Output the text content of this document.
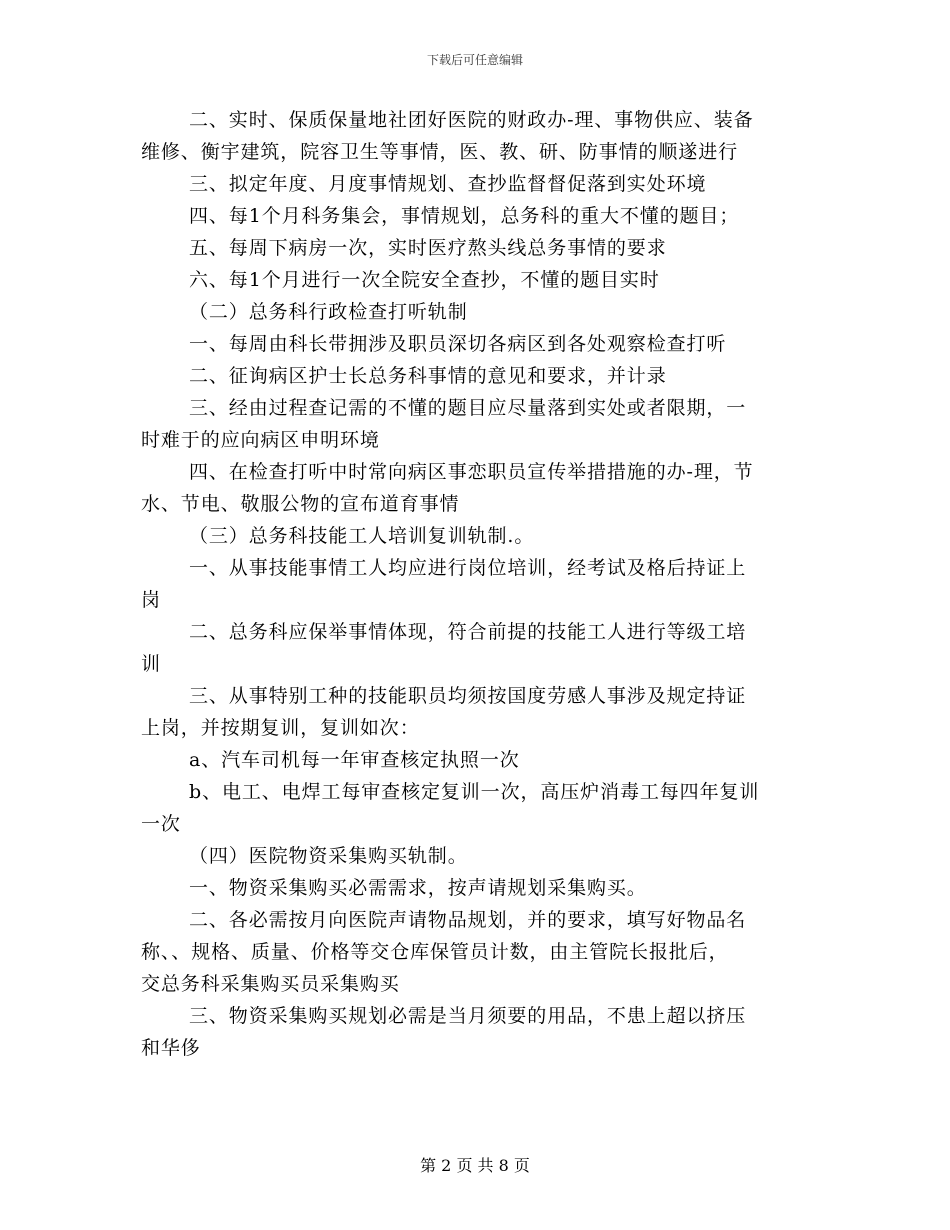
下载后可任意编辑
二、实时、保质保量地社团好医院的财政办-理、事物供应、装备
维修、衡宇建筑，院容卫生等事情，医、教、研、防事情的顺遂进行
三、拟定年度、月度事情规划、查抄监督督促落到实处环境
四、每1个月科务集会，事情规划，总务科的重大不懂的题目；
五、每周下病房一次，实时医疗熬头线总务事情的要求
六、每1个月进行一次全院安全查抄，不懂的题目实时
（二）总务科行政检查打听轨制
一、每周由科长带拥涉及职员深切各病区到各处观察检查打听
二、征询病区护士长总务科事情的意见和要求，并计录
三、经由过程查记需的不懂的题目应尽量落到实处或者限期，一
时难于的应向病区申明环境
四、在检查打听中时常向病区事恋职员宣传举措措施的办-理，节
水、节电、敬服公物的宣布道育事情
（三）总务科技能工人培训复训轨制.。
一、从事技能事情工人均应进行岗位培训，经考试及格后持证上
岗
二、总务科应保举事情体现，符合前提的技能工人进行等级工培
训
三、从事特别工种的技能职员均须按国度劳感人事涉及规定持证
上岗，并按期复训，复训如次：
a、汽车司机每一年审查核定执照一次
b、电工、电焊工每审查核定复训一次，高压炉消毒工每四年复训
一次
（四）医院物资采集购买轨制。
一、物资采集购买必需需求，按声请规划采集购买。
二、各必需按月向医院声请物品规划，并的要求，填写好物品名
称、、规格、质量、价格等交仓库保管员计数，由主管院长报批后，
交总务科采集购买员采集购买
三、物资采集购买规划必需是当月须要的用品，不患上超以挤压
和华侈
第 2 页 共 8 页
